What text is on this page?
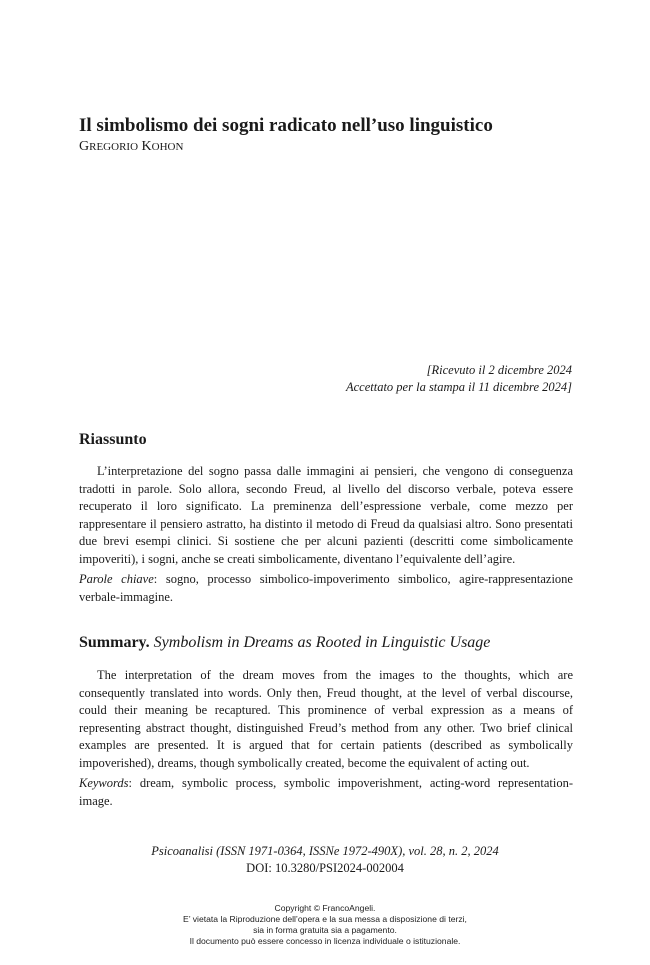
Il simbolismo dei sogni radicato nell’uso linguistico
GREGORIO KOHON
[Ricevuto il 2 dicembre 2024
Accettato per la stampa il 11 dicembre 2024]
Riassunto
L’interpretazione del sogno passa dalle immagini ai pensieri, che vengono di conseguenza tradotti in parole. Solo allora, secondo Freud, al livello del discorso verbale, poteva essere recuperato il loro significato. La preminenza dell’espressione verbale, come mezzo per rappresentare il pensiero astratto, ha distinto il metodo di Freud da qualsiasi altro. Sono presentati due brevi esempi clinici. Si sostiene che per alcuni pazienti (descritti come simbolicamente impoveriti), i sogni, anche se creati simbolicamente, diventano l’equivalente dell’agire.
Parole chiave: sogno, processo simbolico-impoverimento simbolico, agire-rappresentazione verbale-immagine.
Summary. Symbolism in Dreams as Rooted in Linguistic Usage
The interpretation of the dream moves from the images to the thoughts, which are consequently translated into words. Only then, Freud thought, at the level of verbal discourse, could their meaning be recaptured. This prominence of verbal expression as a means of representing abstract thought, distinguished Freud’s method from any other. Two brief clinical examples are presented. It is argued that for certain patients (described as symbolically impoverished), dreams, though symbolically created, become the equivalent of acting out.
Keywords: dream, symbolic process, symbolic impoverishment, acting-word representation-image.
Psicoanalisi (ISSN 1971-0364, ISSNe 1972-490X), vol. 28, n. 2, 2024
DOI: 10.3280/PSI2024-002004
Copyright © FrancoAngeli.
E’ vietata la Riproduzione dell’opera e la sua messa a disposizione di terzi,
sia in forma gratuita sia a pagamento.
Il documento può essere concesso in licenza individuale o istituzionale.
